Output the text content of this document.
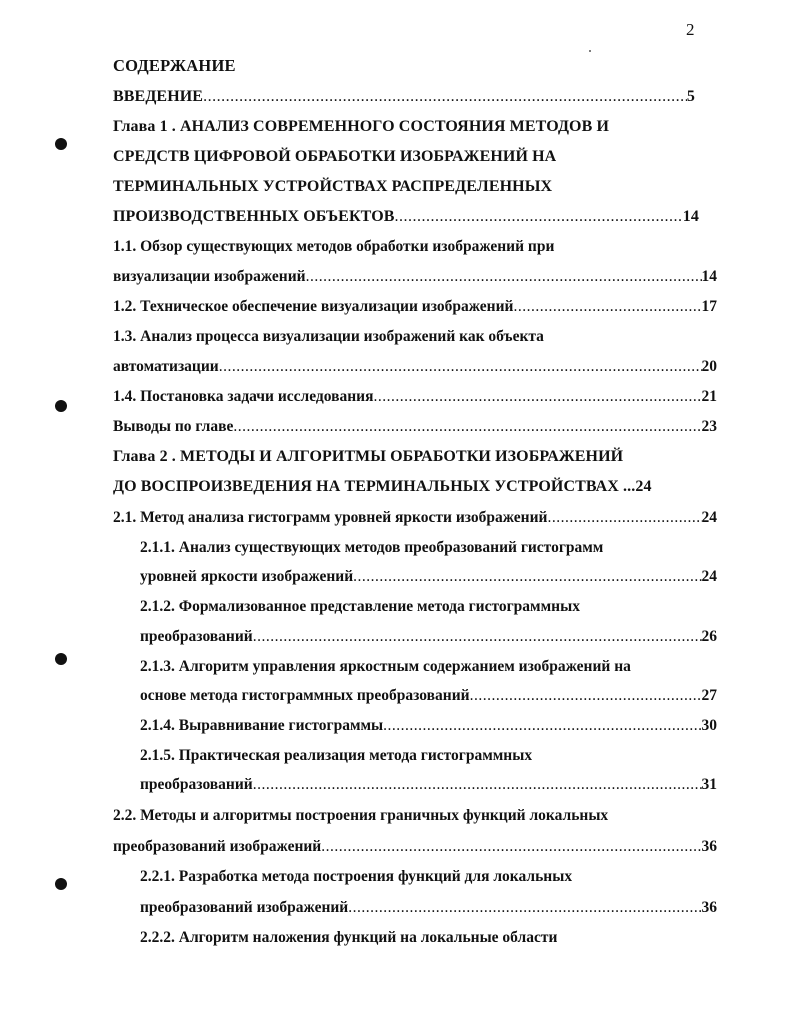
2
СОДЕРЖАНИЕ
ВВЕДЕНИЕ .....	5
Глава 1 . АНАЛИЗ СОВРЕМЕННОГО СОСТОЯНИЯ МЕТОДОВ И
СРЕДСТВ ЦИФРОВОЙ ОБРАБОТКИ ИЗОБРАЖЕНИЙ НА
ТЕРМИНАЛЬНЫХ УСТРОЙСТВАХ РАСПРЕДЕЛЕННЫХ
ПРОИЗВОДСТВЕННЫХ ОБЪЕКТОВ .....	14
1.1. Обзор существующих методов обработки изображений при
визуализации изображений .....	14
1.2. Техническое обеспечение визуализации изображений .....	17
1.3. Анализ процесса визуализации изображений как объекта
автоматизации .....	20
1.4. Постановка задачи исследования .....	21
Выводы по главе .....	23
Глава 2 . МЕТОДЫ И АЛГОРИТМЫ ОБРАБОТКИ ИЗОБРАЖЕНИЙ
ДО ВОСПРОИЗВЕДЕНИЯ НА ТЕРМИНАЛЬНЫХ УСТРОЙСТВАХ ...24
2.1. Метод анализа гистограмм уровней яркости изображений .....	24
2.1.1. Анализ существующих методов преобразований гистограмм
уровней яркости изображений .....	24
2.1.2. Формализованное представление метода гистограммных
преобразований .....	26
2.1.3. Алгоритм управления яркостным содержанием изображений на
основе метода гистограммных преобразований .....	27
2.1.4. Выравнивание гистограммы .....	30
2.1.5. Практическая реализация метода гистограммных
преобразований .....	31
2.2. Методы и алгоритмы построения граничных функций локальных
преобразований изображений .....	36
2.2.1. Разработка метода построения функций для локальных
преобразований изображений .....	36
2.2.2. Алгоритм наложения функций на локальные области
